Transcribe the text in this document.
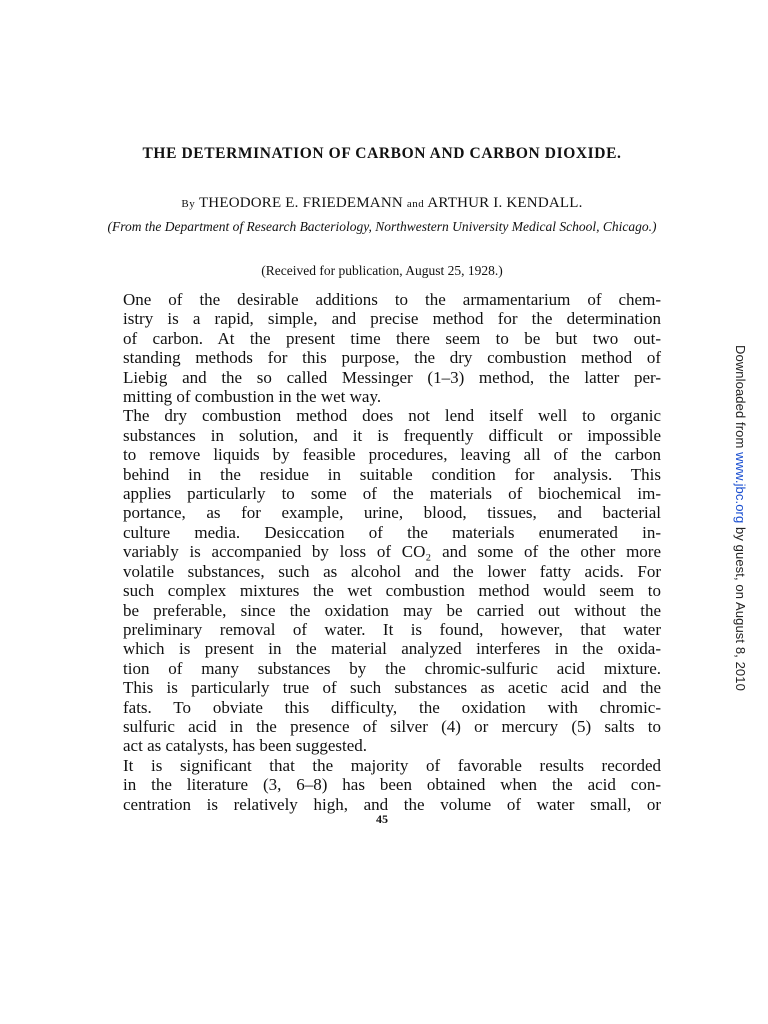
THE DETERMINATION OF CARBON AND CARBON DIOXIDE.
By THEODORE E. FRIEDEMANN and ARTHUR I. KENDALL.
(From the Department of Research Bacteriology, Northwestern University Medical School, Chicago.)
(Received for publication, August 25, 1928.)

One of the desirable additions to the armamentarium of chem-
istry is a rapid, simple, and precise method for the determination
of carbon. At the present time there seem to be but two out-
standing methods for this purpose, the dry combustion method of
Liebig and the so called Messinger (1–3) method, the latter per-
mitting of combustion in the wet way.

The dry combustion method does not lend itself well to organic
substances in solution, and it is frequently difficult or impossible
to remove liquids by feasible procedures, leaving all of the carbon
behind in the residue in suitable condition for analysis. This
applies particularly to some of the materials of biochemical im-
portance, as for example, urine, blood, tissues, and bacterial
culture media. Desiccation of the materials enumerated in-
variably is accompanied by loss of CO₂ and some of the other more
volatile substances, such as alcohol and the lower fatty acids. For
such complex mixtures the wet combustion method would seem to
be preferable, since the oxidation may be carried out without the
preliminary removal of water. It is found, however, that water
which is present in the material analyzed interferes in the oxida-
tion of many substances by the chromic-sulfuric acid mixture.
This is particularly true of such substances as acetic acid and the
fats. To obviate this difficulty, the oxidation with chromic-
sulfuric acid in the presence of silver (4) or mercury (5) salts to
act as catalysts, has been suggested.

It is significant that the majority of favorable results recorded
in the literature (3, 6–8) has been obtained when the acid con-
centration is relatively high, and the volume of water small, or

45
Downloaded from www.jbc.org by guest, on August 8, 2010
